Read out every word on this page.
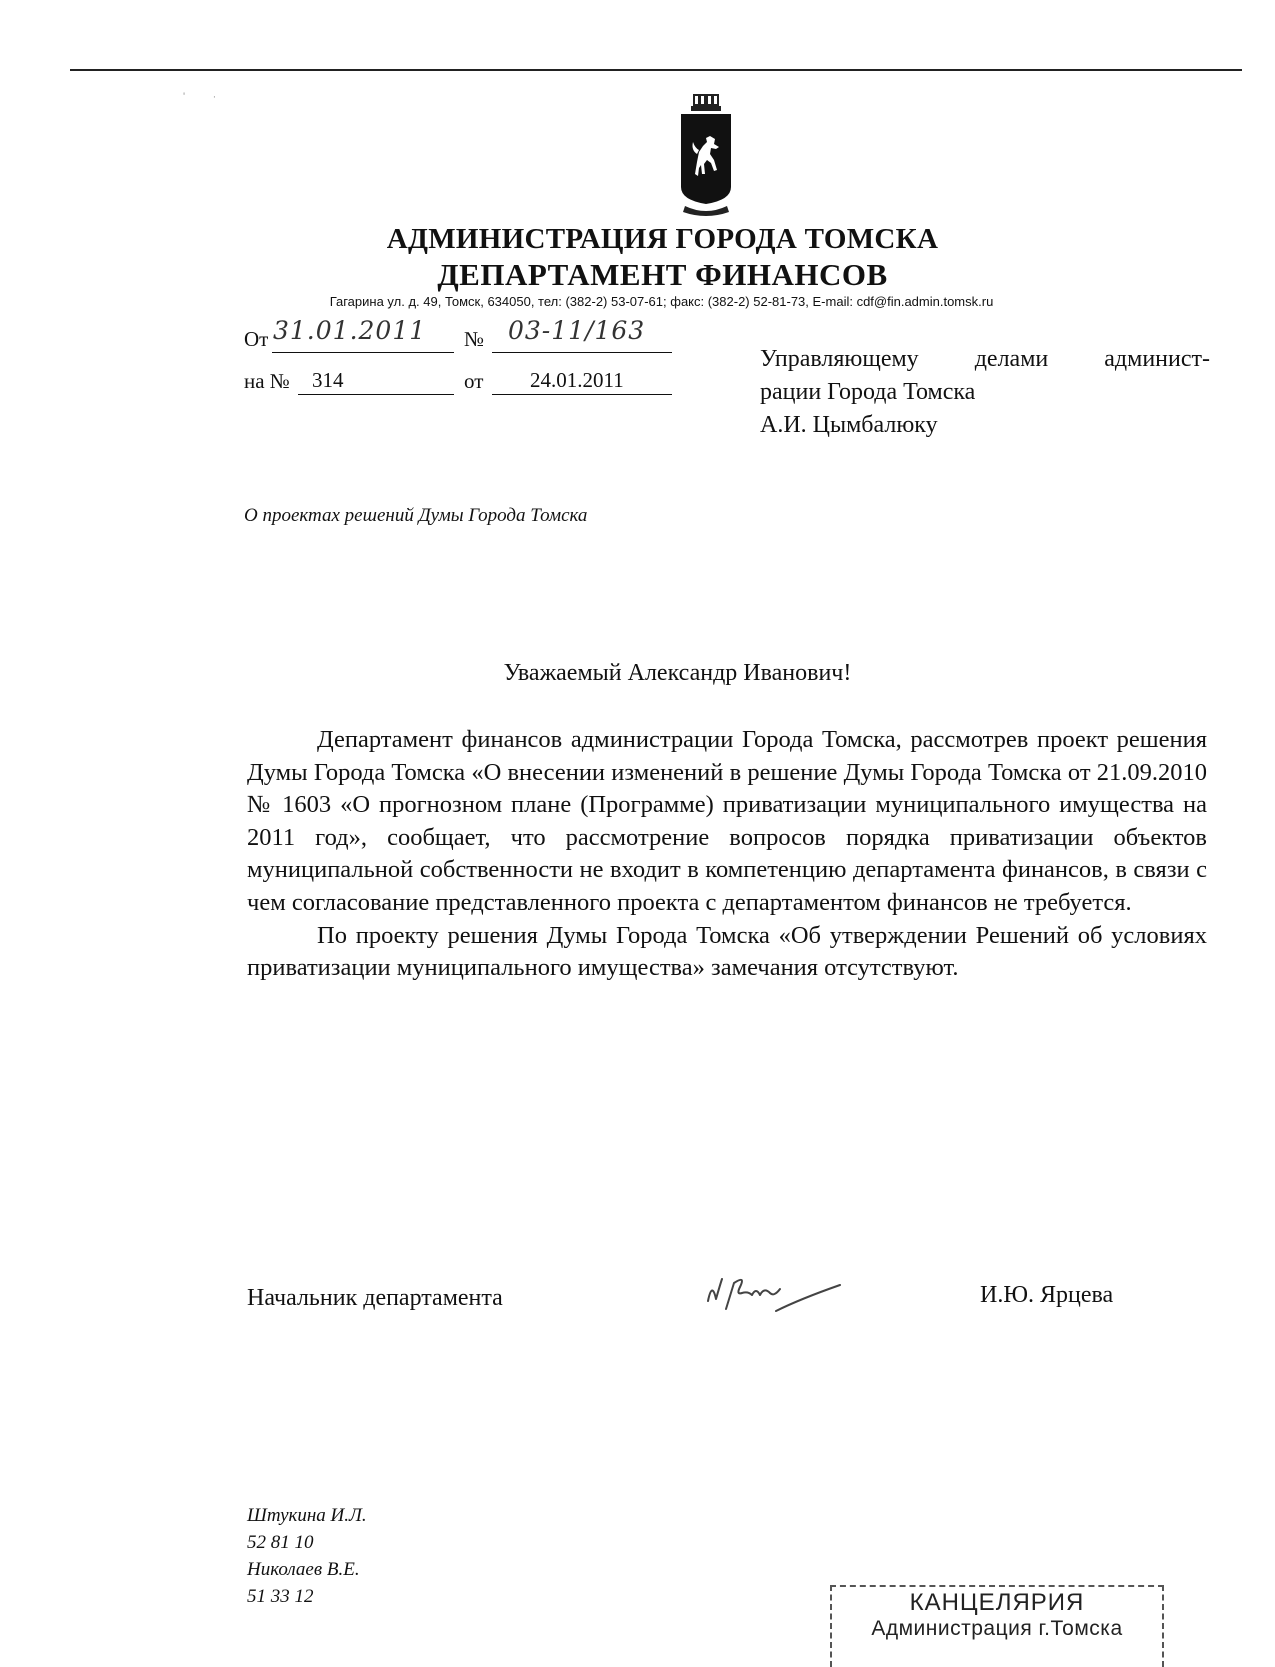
'         ·
АДМИНИСТРАЦИЯ ГОРОДА ТОМСКА
ДЕПАРТАМЕНТ ФИНАНСОВ
Гагарина ул. д. 49, Томск, 634050, тел: (382-2) 53-07-61; факс: (382-2) 52-81-73, E-mail: cdf@fin.admin.tomsk.ru
От 31.01.2011 № 03-11/163
на № 314	от 24.01.2011
Управляющему делами админист-
рации Города Томска
А.И. Цымбалюку
О проектах решений Думы Города Томска
Уважаемый Александр Иванович!

Департамент финансов администрации Города Томска, рассмотрев проект решения Думы Города Томска «О внесении изменений в решение Думы Города Томска от 21.09.2010 № 1603 «О прогнозном плане (Программе) приватизации муниципального имущества на 2011 год», сообщает, что рассмотрение вопросов порядка приватизации объектов муниципальной собственности не входит в компетенцию департамента финансов, в связи с чем согласование представленного проекта с департаментом финансов не требуется.

По проекту решения Думы Города Томска «Об утверждении Решений об условиях приватизации муниципального имущества» замечания отсутствуют.

Начальник департамента	И.Ю. Ярцева
Штукина И.Л.
52 81 10
Николаев В.Е.
51 33 12	КАНЦЕЛЯРИЯ
Администрация г.Томска
